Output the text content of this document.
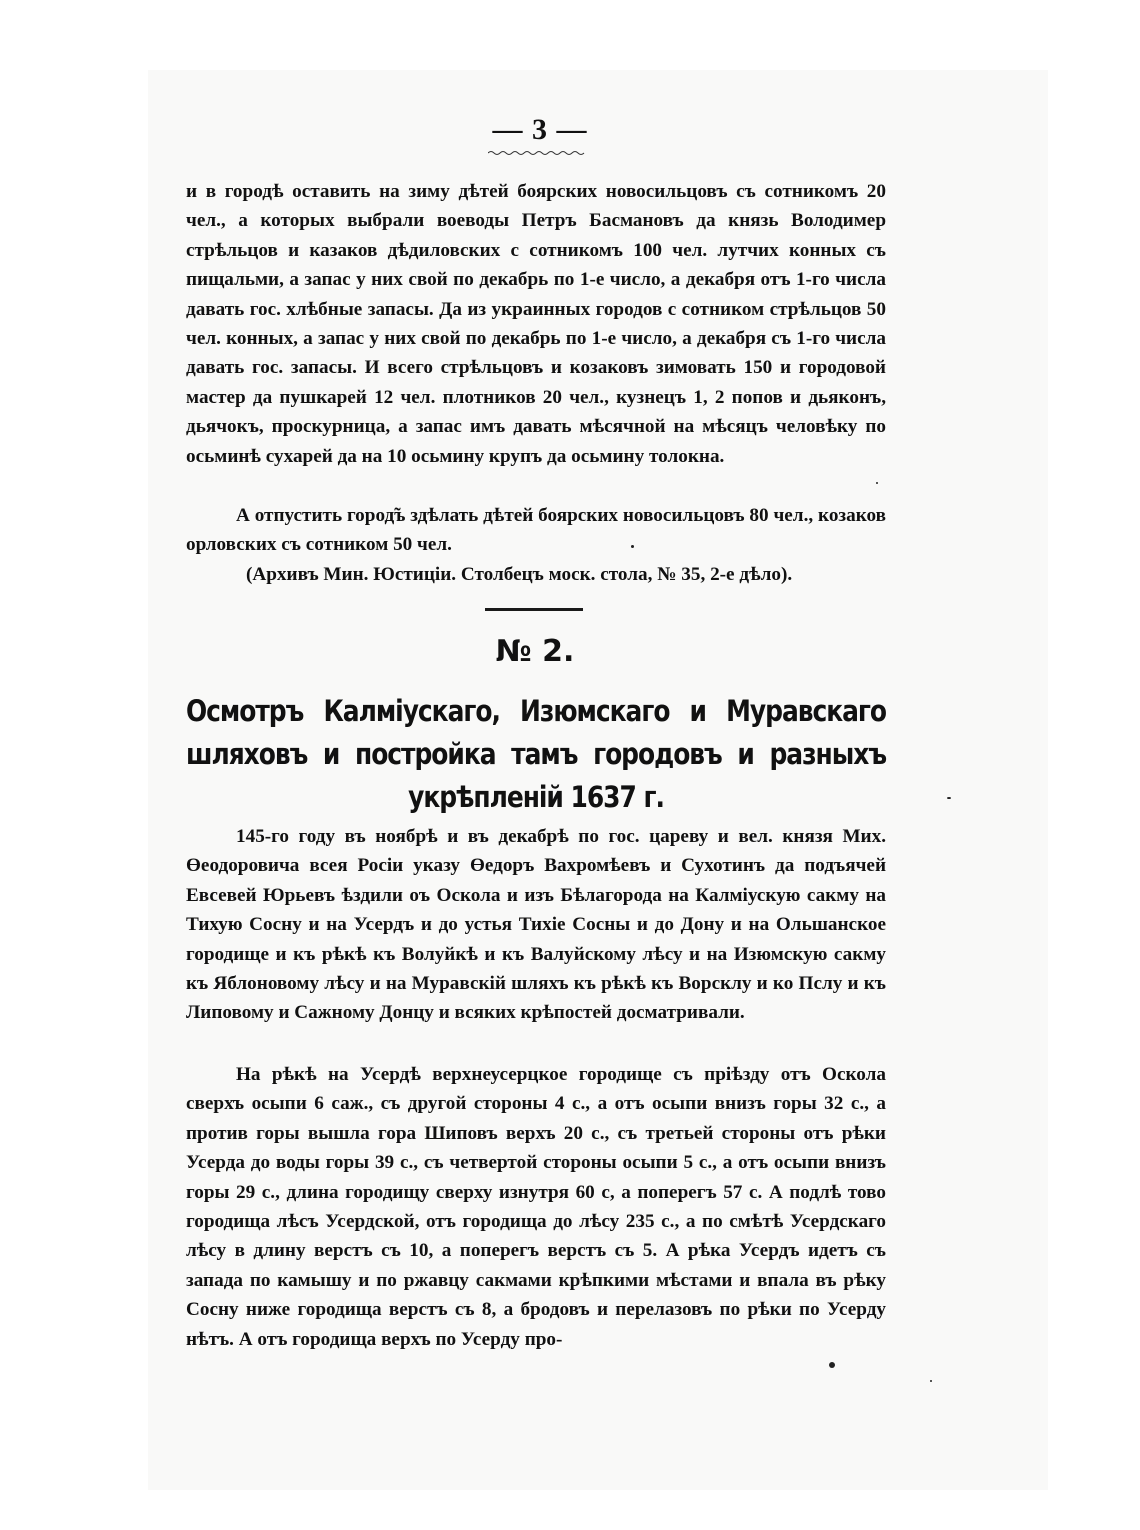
— 3 —

и в городѣ оставить на зиму дѣтей боярских новосильцовъ съ сотникомъ 20 чел., а которых выбрали воеводы Петръ Басмановъ да князь Володимер стрѣльцов и казаков дѣдиловских с сотникомъ 100 чел. лутчих конных съ пищальми, а запас у них свой по декабрь по 1-е число, а декабря отъ 1-го числа давать гос. хлѣбные запасы. Да из украинных городов с сотником стрѣльцов 50 чел. конных, а запас у них свой по декабрь по 1-е число, а декабря съ 1-го числа давать гос. запасы. И всего стрѣльцовъ и козаковъ зимовать 150 и городовой мастер да пушкарей 12 чел. плотников 20 чел., кузнецъ 1, 2 попов и дьяконъ, дьячокъ, проскурница, а запас имъ давать мѣсячной на мѣсяцъ человѣку по осьминѣ сухарей да на 10 осьмину крупъ да осьмину толокна.

А отпустить город̃ъ здѣлать дѣтей боярских новосильцовъ 80 чел., козаков орловских съ сотником 50 чел.

(Архивъ Мин. Юстиціи. Столбецъ моск. стола, № 35, 2-е дѣло).
№ 2.
Осмотръ Калміускаго, Изюмскаго и Муравскаго шляховъ и постройка тамъ городовъ и разныхъ укрѣпленій 1637 г.

145-го году въ ноябрѣ и въ декабрѣ по гос. цареву и вел. князя Мих. Өеодоровича всея Росіи указу Өедоръ Вахромѣевъ и Сухотинъ да подъячей Евсевей Юрьевъ ѣздили оъ Оскола и изъ Бѣлагорода на Калміускую сакму на Тихую Сосну и на Усердъ и до устья Тихіе Сосны и до Дону и на Ольшанское городище и къ рѣкѣ къ Волуйкѣ и къ Валуйскому лѣсу и на Изюмскую сакму къ Яблоновому лѣсу и на Муравскій шляхъ къ рѣкѣ къ Ворсклу и ко Пслу и къ Липовому и Сажному Донцу и всяких крѣпостей досматривали.

На рѣкѣ на Усердѣ верхнеусерцкое городище съ пріѣзду отъ Оскола сверхъ осыпи 6 саж., съ другой стороны 4 с., а отъ осыпи внизъ горы 32 с., а против горы вышла гора Шиповъ верхъ 20 с., съ третьей стороны отъ рѣки Усерда до воды горы 39 с., съ четвертой стороны осыпи 5 с., а отъ осыпи внизъ горы 29 с., длина городищу сверху изнутря 60 с, а поперегъ 57 с. А подлѣ тово городища лѣсъ Усердской, отъ городища до лѣсу 235 с., а по смѣтѣ Усердскаго лѣсу в длину верстъ съ 10, а поперегъ верстъ съ 5. А рѣка Усердъ идетъ съ запада по камышу и по ржавцу сакмами крѣпкими мѣстами и впала въ рѣку Сосну ниже городища верстъ съ 8, а бродовъ и перелазовъ по рѣки по Усерду нѣтъ. А отъ городища верхъ по Усерду про-
